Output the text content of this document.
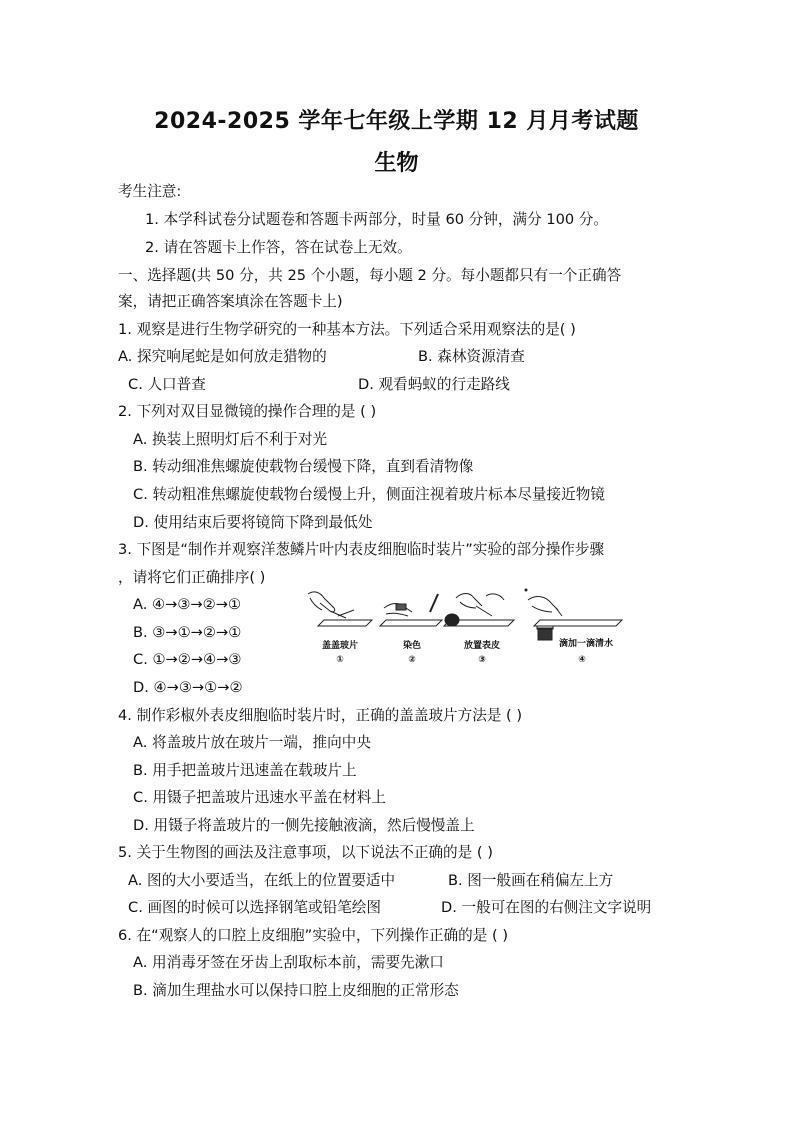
2024-2025 学年七年级上学期 12 月月考试题
生物
考生注意:
1. 本学科试卷分试题卷和答题卡两部分，时量 60 分钟，满分 100 分。
2. 请在答题卡上作答，答在试卷上无效。
一、选择题(共 50 分，共 25 个小题，每小题 2 分。每小题都只有一个正确答
案，请把正确答案填涂在答题卡上)
1. 观察是进行生物学研究的一种基本方法。下列适合采用观察法的是( )
A. 探究响尾蛇是如何放走猎物的	B. 森林资源清查
C. 人口普查	D. 观看蚂蚁的行走路线
2. 下列对双目显微镜的操作合理的是 ( )
A. 换装上照明灯后不利于对光
B. 转动细准焦螺旋使载物台缓慢下降，直到看清物像
C. 转动粗准焦螺旋使载物台缓慢上升，侧面注视着玻片标本尽量接近物镜
D. 使用结束后要将镜筒下降到最低处
3. 下图是“制作并观察洋葱鳞片叶内表皮细胞临时装片”实验的部分操作步骤
，请将它们正确排序( )
A. ④→③→②→①
B. ③→①→②→①
C. ①→②→④→③
D. ④→③→①→②
盖盖玻片
①
染色
②
放置表皮
③
滴加一滴清水
④
4. 制作彩椒外表皮细胞临时装片时，正确的盖盖玻片方法是 ( )
A. 将盖玻片放在玻片一端，推向中央
B. 用手把盖玻片迅速盖在载玻片上
C. 用镊子把盖玻片迅速水平盖在材料上
D. 用镊子将盖玻片的一侧先接触液滴，然后慢慢盖上
5. 关于生物图的画法及注意事项，以下说法不正确的是 ( )
A. 图的大小要适当，在纸上的位置要适中	B. 图一般画在稍偏左上方
C. 画图的时候可以选择钢笔或铅笔绘图	D. 一般可在图的右侧注文字说明
6. 在“观察人的口腔上皮细胞”实验中，下列操作正确的是 ( )
A. 用消毒牙签在牙齿上刮取标本前，需要先漱口
B. 滴加生理盐水可以保持口腔上皮细胞的正常形态
